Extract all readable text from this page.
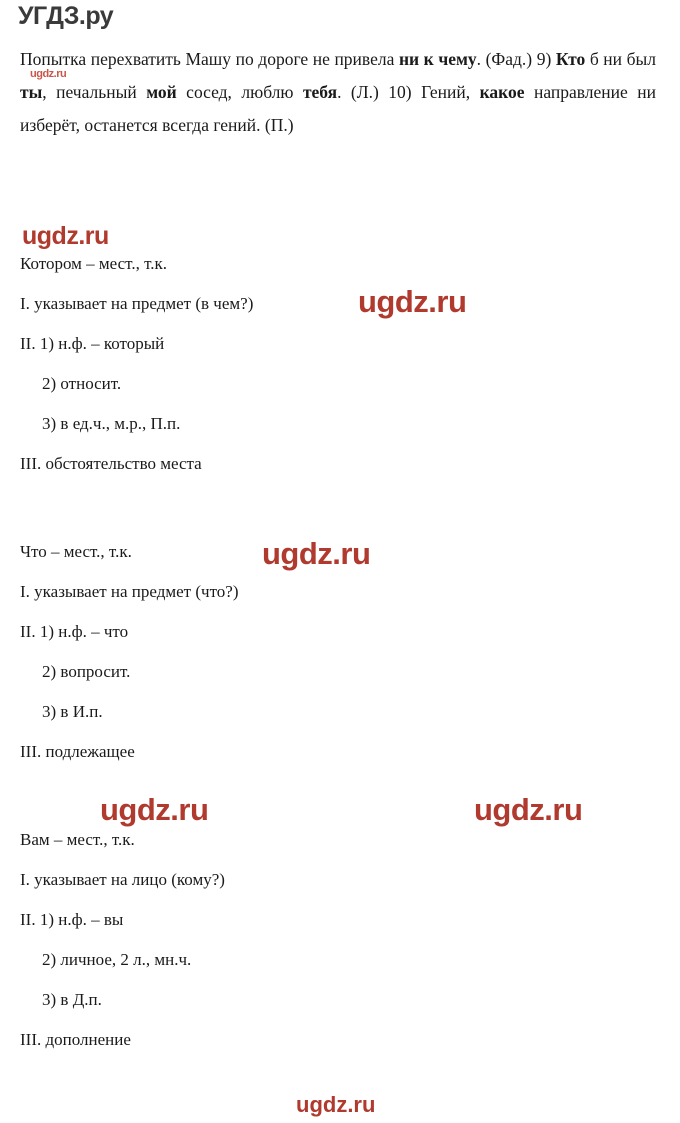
УГДЗ.ру
ugdz.ru
ugdz.ru
ugdz.ru
ugdz.ru
ugdz.ru	ugdz.ru
Попытка перехватить Машу по дороге не привела ни к чему. (Фад.) 9) Кто б ни был ты, печальный мой сосед, люблю тебя. (Л.) 10) Гений, какое направление ни изберёт, останется всегда гений. (П.)
Котором – мест., т.к.
I. указывает на предмет (в чем?)
II. 1) н.ф. – который
2) относит.
3) в ед.ч., м.р., П.п.
III. обстоятельство места
Что – мест., т.к.
I. указывает на предмет (что?)
II. 1) н.ф. – что
2) вопросит.
3) в И.п.
III. подлежащее
Вам – мест., т.к.
I. указывает на лицо (кому?)
II. 1) н.ф. – вы
2) личное, 2 л., мн.ч.
3) в Д.п.
III. дополнение
ugdz.ru
